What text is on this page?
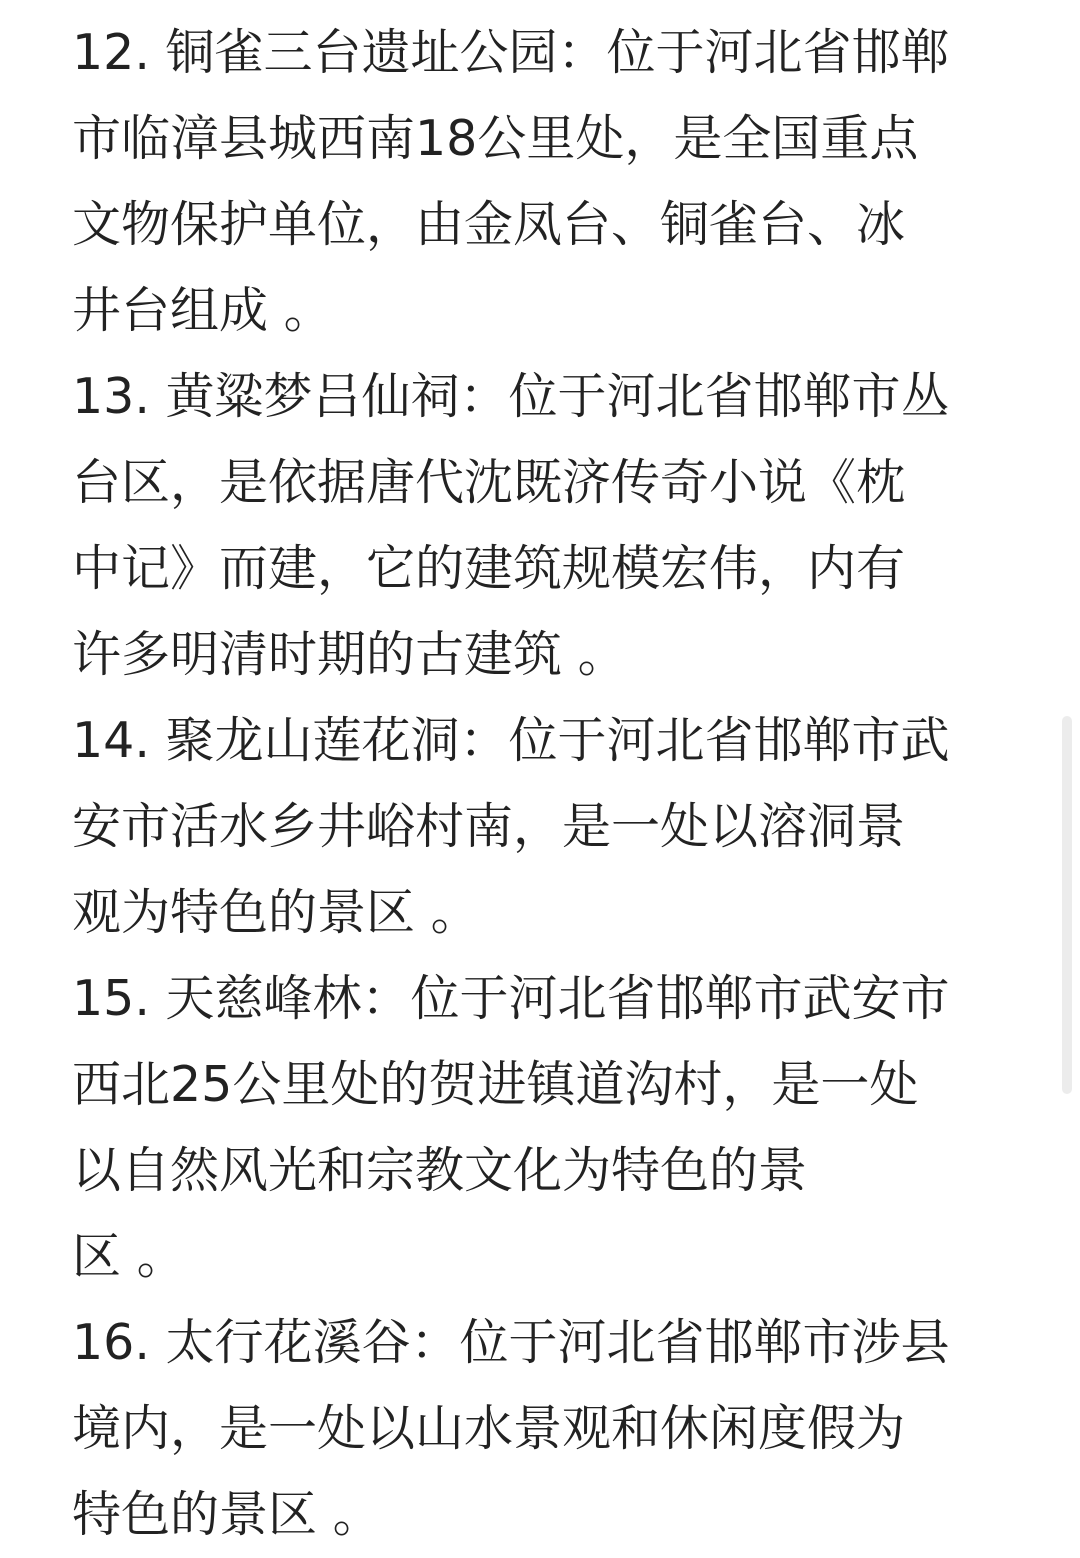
12. 铜雀三台遗址公园：位于河北省邯郸
市临漳县城西南18公里处，是全国重点
文物保护单位，由金凤台、铜雀台、冰
井台组成 。
13. 黄粱梦吕仙祠：位于河北省邯郸市丛
台区，是依据唐代沈既济传奇小说《枕
中记》而建，它的建筑规模宏伟，内有
许多明清时期的古建筑 。
14. 聚龙山莲花洞：位于河北省邯郸市武
安市活水乡井峪村南，是一处以溶洞景
观为特色的景区 。
15. 天慈峰林：位于河北省邯郸市武安市
西北25公里处的贺进镇道沟村，是一处
以自然风光和宗教文化为特色的景
区 。
16. 太行花溪谷：位于河北省邯郸市涉县
境内，是一处以山水景观和休闲度假为
特色的景区 。
